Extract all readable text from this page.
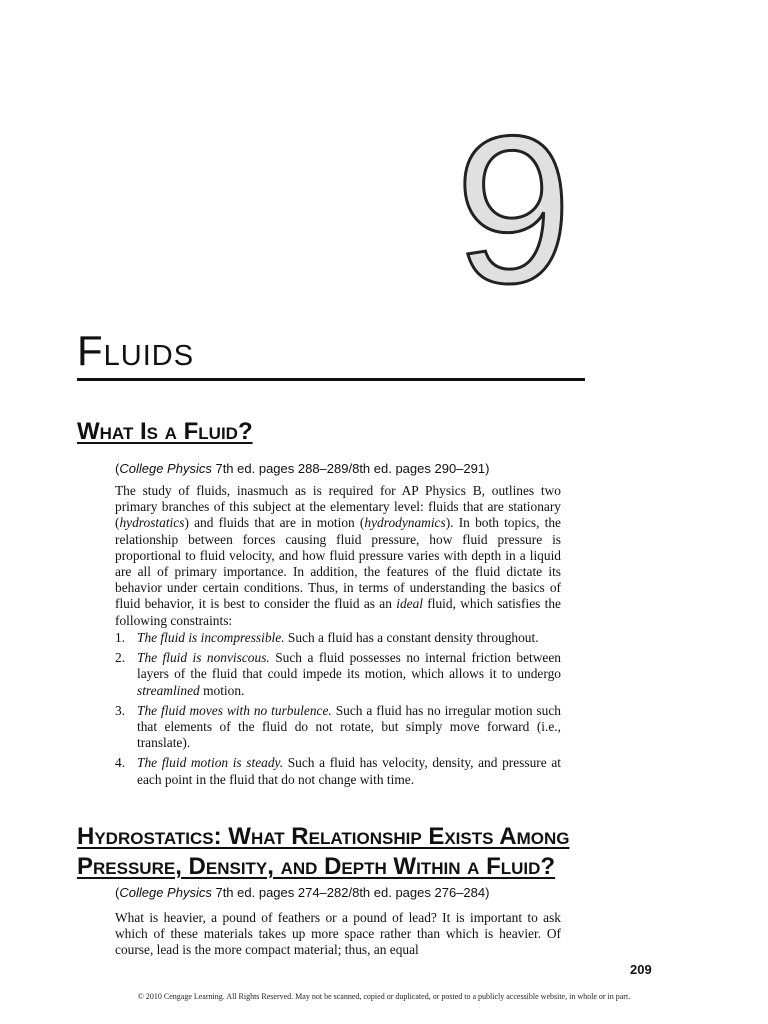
9
Fluids
What Is a Fluid?
(College Physics 7th ed. pages 288–289/8th ed. pages 290–291)
The study of fluids, inasmuch as is required for AP Physics B, outlines two primary branches of this subject at the elementary level: fluids that are stationary (hydrostatics) and fluids that are in motion (hydrodynamics). In both topics, the relationship between forces causing fluid pressure, how fluid pressure is proportional to fluid velocity, and how fluid pressure varies with depth in a liquid are all of primary importance. In addition, the features of the fluid dictate its behavior under certain conditions. Thus, in terms of understanding the basics of fluid behavior, it is best to consider the fluid as an ideal fluid, which satisfies the following constraints:
1. The fluid is incompressible. Such a fluid has a constant density throughout.
2. The fluid is nonviscous. Such a fluid possesses no internal friction between layers of the fluid that could impede its motion, which allows it to undergo streamlined motion.
3. The fluid moves with no turbulence. Such a fluid has no irregular motion such that elements of the fluid do not rotate, but simply move forward (i.e., translate).
4. The fluid motion is steady. Such a fluid has velocity, density, and pressure at each point in the fluid that do not change with time.
Hydrostatics: What Relationship Exists Among
Pressure, Density, and Depth Within a Fluid?
(College Physics 7th ed. pages 274–282/8th ed. pages 276–284)
What is heavier, a pound of feathers or a pound of lead? It is important to ask which of these materials takes up more space rather than which is heavier. Of course, lead is the more compact material; thus, an equal
209
© 2010 Cengage Learning. All Rights Reserved. May not be scanned, copied or duplicated, or posted to a publicly accessible website, in whole or in part.
